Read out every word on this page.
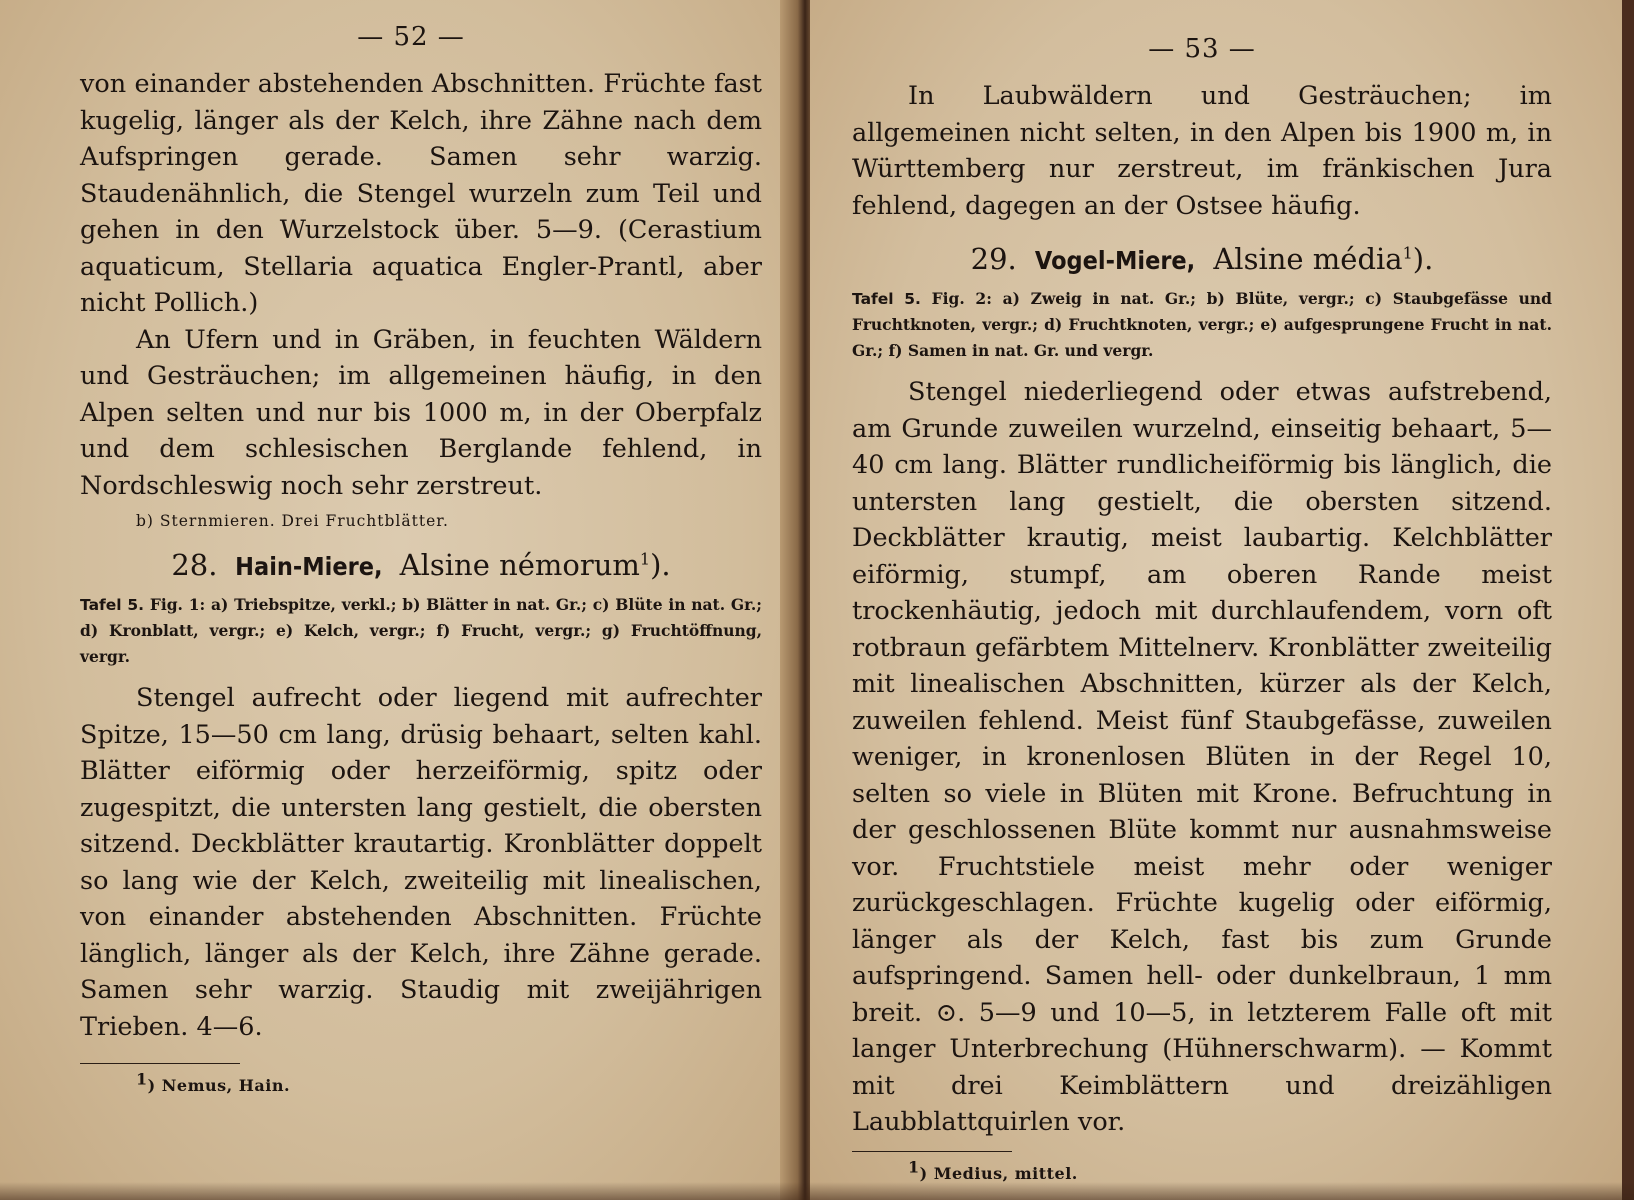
— 52 —

von einander abstehenden Abschnitten. Früchte fast kugelig, länger als der Kelch, ihre Zähne nach dem Aufspringen gerade. Samen sehr warzig. Staudenähnlich, die Stengel wurzeln zum Teil und gehen in den Wurzelstock über. 5—9. (Cerastium aquaticum, Stellaria aquatica Engler-Prantl, aber nicht Pollich.)

An Ufern und in Gräben, in feuchten Wäldern und Gesträuchen; im allgemeinen häufig, in den Alpen selten und nur bis 1000 m, in der Oberpfalz und dem schlesischen Berglande fehlend, in Nordschleswig noch sehr zerstreut.

b) Sternmieren. Drei Fruchtblätter.
28. Hain-Miere, Alsine némorum$^1$).

Tafel 5. Fig. 1: a) Triebspitze, verkl.; b) Blätter in nat. Gr.; c) Blüte in nat. Gr.; d) Kronblatt, vergr.; e) Kelch, vergr.; f) Frucht, vergr.; g) Fruchtöffnung, vergr.

Stengel aufrecht oder liegend mit aufrechter Spitze, 15—50 cm lang, drüsig behaart, selten kahl. Blätter eiförmig oder herzeiförmig, spitz oder zugespitzt, die untersten lang gestielt, die obersten sitzend. Deckblätter krautartig. Kronblätter doppelt so lang wie der Kelch, zweiteilig mit linealischen, von einander abstehenden Abschnitten. Früchte länglich, länger als der Kelch, ihre Zähne gerade. Samen sehr warzig. Staudig mit zweijährigen Trieben. 4—6.

1) Nemus, Hain.
— 53 —

In Laubwäldern und Gesträuchen; im allgemeinen nicht selten, in den Alpen bis 1900 m, in Württemberg nur zerstreut, im fränkischen Jura fehlend, dagegen an der Ostsee häufig.

29. Vogel-Miere, Alsine média$^1$).

Tafel 5. Fig. 2: a) Zweig in nat. Gr.; b) Blüte, vergr.; c) Staubgefässe und Fruchtknoten, vergr.; d) Fruchtknoten, vergr.; e) aufgesprungene Frucht in nat. Gr.; f) Samen in nat. Gr. und vergr.

Stengel niederliegend oder etwas aufstrebend, am Grunde zuweilen wurzelnd, einseitig behaart, 5—40 cm lang. Blätter rundlicheiförmig bis länglich, die untersten lang gestielt, die obersten sitzend. Deckblätter krautig, meist laubartig. Kelchblätter eiförmig, stumpf, am oberen Rande meist trockenhäutig, jedoch mit durchlaufendem, vorn oft rotbraun gefärbtem Mittelnerv. Kronblätter zweiteilig mit linealischen Abschnitten, kürzer als der Kelch, zuweilen fehlend. Meist fünf Staubgefässe, zuweilen weniger, in kronenlosen Blüten in der Regel 10, selten so viele in Blüten mit Krone. Befruchtung in der geschlossenen Blüte kommt nur ausnahmsweise vor. Fruchtstiele meist mehr oder weniger zurückgeschlagen. Früchte kugelig oder eiförmig, länger als der Kelch, fast bis zum Grunde aufspringend. Samen hell- oder dunkelbraun, 1 mm breit. ⊙. 5—9 und 10—5, in letzterem Falle oft mit langer Unterbrechung (Hühnerschwarm). — Kommt mit drei Keimblättern und dreizähligen Laubblattquirlen vor.

1) Medius, mittel.
